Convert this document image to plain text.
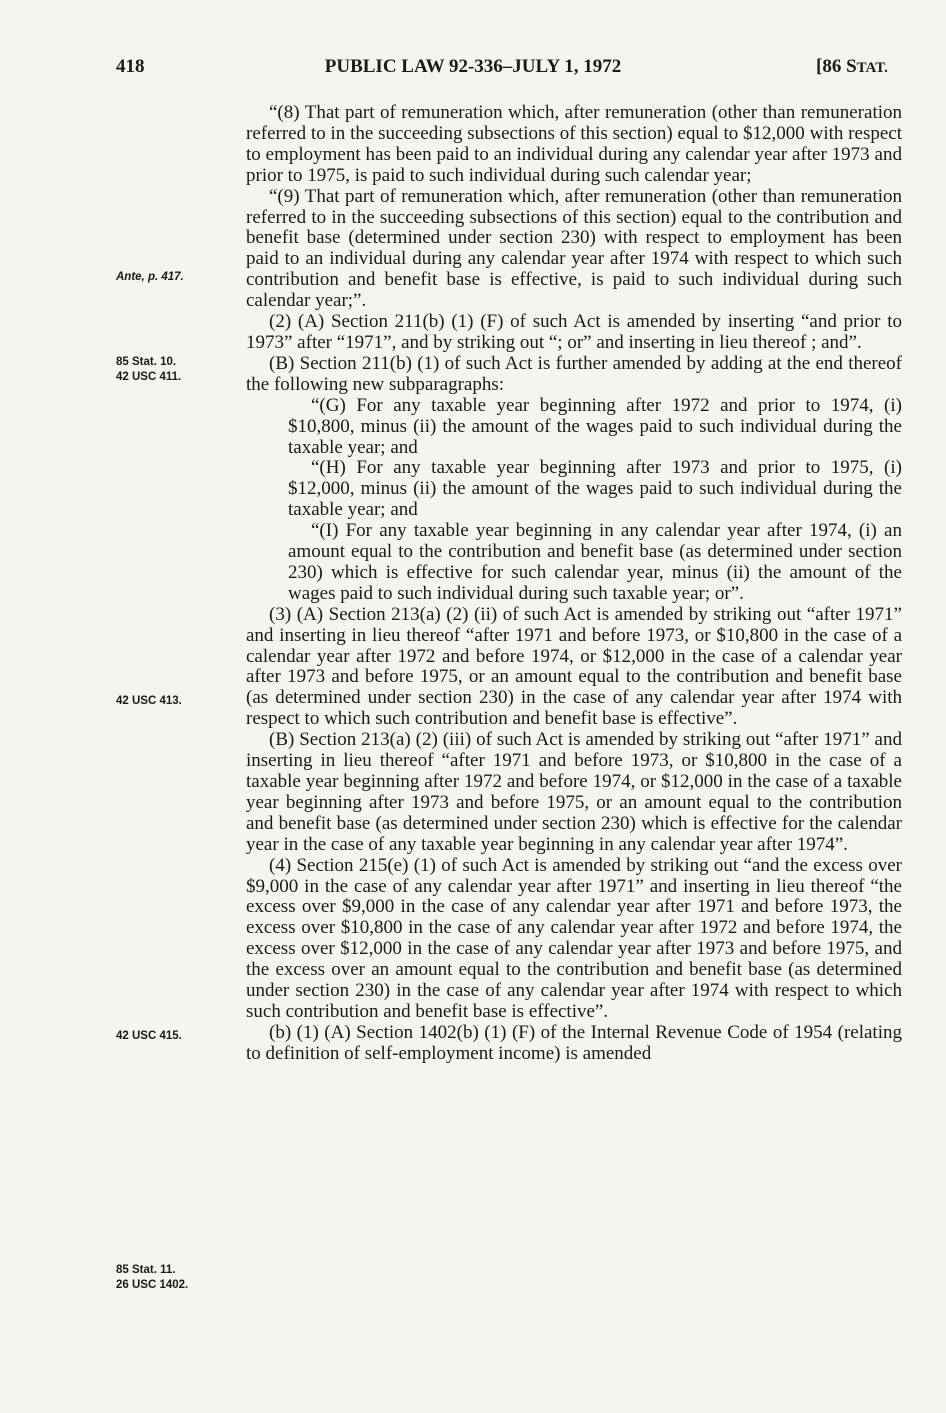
418	PUBLIC LAW 92-336–JULY 1, 1972	[86 STAT.
Ante, p. 417.
85 Stat. 10.
42 USC 411.
42 USC 413.
42 USC 415.
85 Stat. 11.
26 USC 1402.

“(8) That part of remuneration which, after remuneration (other than remuneration referred to in the succeeding subsections of this section) equal to $12,000 with respect to employment has been paid to an individual during any calendar year after 1973 and prior to 1975, is paid to such individual during such calendar year;

“(9) That part of remuneration which, after remuneration (other than remuneration referred to in the succeeding subsections of this section) equal to the contribution and benefit base (determined under section 230) with respect to employment has been paid to an individual during any calendar year after 1974 with respect to which such contribution and benefit base is effective, is paid to such individual during such calendar year;”.

(2) (A) Section 211(b) (1) (F) of such Act is amended by inserting “and prior to 1973” after “1971”, and by striking out “; or” and inserting in lieu thereof ; and”.

(B) Section 211(b) (1) of such Act is further amended by adding at the end thereof the following new subparagraphs:

“(G) For any taxable year beginning after 1972 and prior to 1974, (i) $10,800, minus (ii) the amount of the wages paid to such individual during the taxable year; and

“(H) For any taxable year beginning after 1973 and prior to 1975, (i) $12,000, minus (ii) the amount of the wages paid to such individual during the taxable year; and

“(I) For any taxable year beginning in any calendar year after 1974, (i) an amount equal to the contribution and benefit base (as determined under section 230) which is effective for such calendar year, minus (ii) the amount of the wages paid to such individual during such taxable year; or”.

(3) (A) Section 213(a) (2) (ii) of such Act is amended by striking out “after 1971” and inserting in lieu thereof “after 1971 and before 1973, or $10,800 in the case of a calendar year after 1972 and before 1974, or $12,000 in the case of a calendar year after 1973 and before 1975, or an amount equal to the contribution and benefit base (as determined under section 230) in the case of any calendar year after 1974 with respect to which such contribution and benefit base is effective”.

(B) Section 213(a) (2) (iii) of such Act is amended by striking out “after 1971” and inserting in lieu thereof “after 1971 and before 1973, or $10,800 in the case of a taxable year beginning after 1972 and before 1974, or $12,000 in the case of a taxable year beginning after 1973 and before 1975, or an amount equal to the contribution and benefit base (as determined under section 230) which is effective for the calendar year in the case of any taxable year beginning in any calendar year after 1974”.

(4) Section 215(e) (1) of such Act is amended by striking out “and the excess over $9,000 in the case of any calendar year after 1971” and inserting in lieu thereof “the excess over $9,000 in the case of any calendar year after 1971 and before 1973, the excess over $10,800 in the case of any calendar year after 1972 and before 1974, the excess over $12,000 in the case of any calendar year after 1973 and before 1975, and the excess over an amount equal to the contribution and benefit base (as determined under section 230) in the case of any calendar year after 1974 with respect to which such contribution and benefit base is effective”.

(b) (1) (A) Section 1402(b) (1) (F) of the Internal Revenue Code of 1954 (relating to definition of self-employment income) is amended
